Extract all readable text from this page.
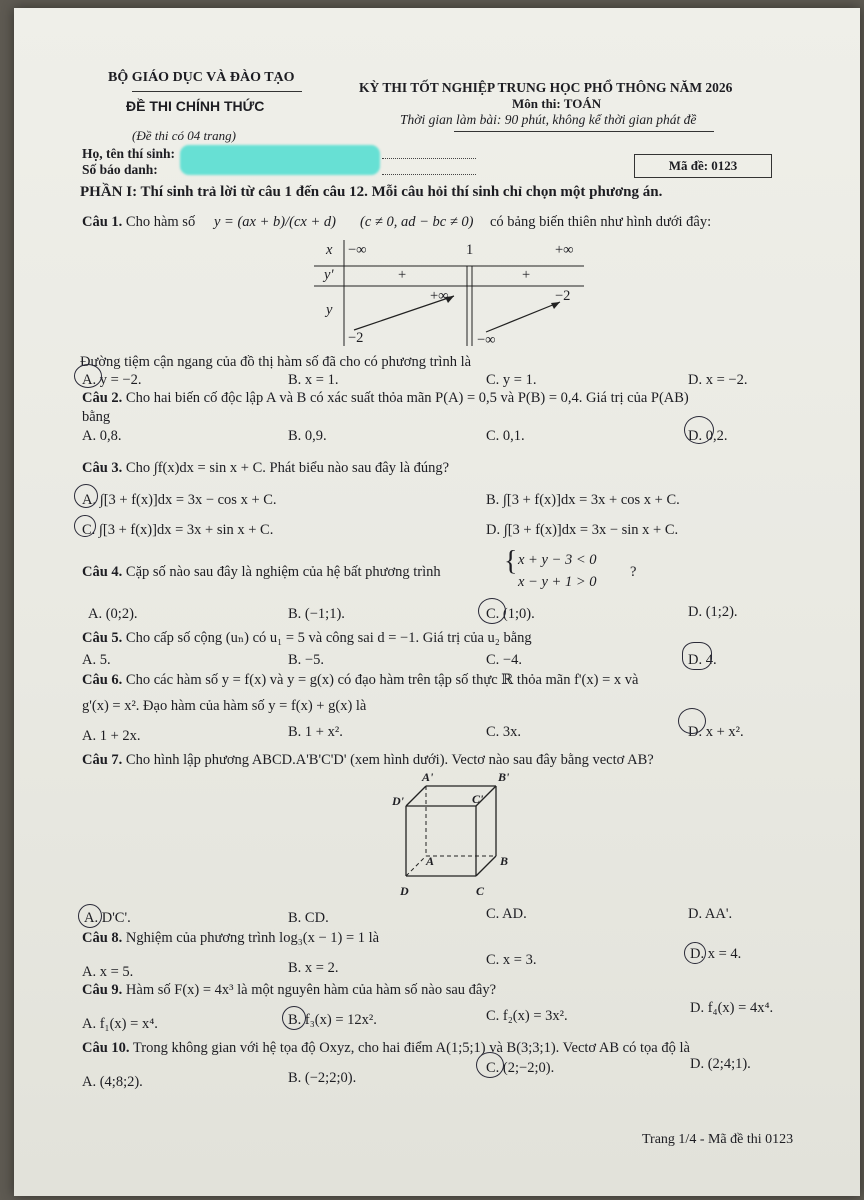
BỘ GIÁO DỤC VÀ ĐÀO TẠO
ĐỀ THI CHÍNH THỨC
(Đề thi có 04 trang)
KỲ THI TỐT NGHIỆP TRUNG HỌC PHỔ THÔNG NĂM 2026
Môn thi: TOÁN
Thời gian làm bài: 90 phút, không kể thời gian phát đề
Họ, tên thí sinh:
Số báo danh:	Mã đề: 0123
PHẦN I: Thí sinh trả lời từ câu 1 đến câu 12. Mỗi câu hỏi thí sinh chỉ chọn một phương án.
Câu 1. Cho hàm số y = (ax + b)/(cx + d) (c ≠ 0, ad − bc ≠ 0) có bảng biến thiên như hình dưới đây:
x −∞	1	+∞
y'	+	+
y
+∞	−2
−2	−∞
Đường tiệm cận ngang của đồ thị hàm số đã cho có phương trình là
A. y = −2.	B. x = 1.	C. y = 1.	D. x = −2.
Câu 2. Cho hai biến cố độc lập A và B có xác suất thỏa mãn P(A) = 0,5 và P(B) = 0,4. Giá trị của P(AB)
bằng
A. 0,8.	B. 0,9.	C. 0,1.	D. 0,2.
Câu 3. Cho ∫f(x)dx = sin x + C. Phát biểu nào sau đây là đúng?
A. ∫[3 + f(x)]dx = 3x − cos x + C.	B. ∫[3 + f(x)]dx = 3x + cos x + C.
C. ∫[3 + f(x)]dx = 3x + sin x + C.	D. ∫[3 + f(x)]dx = 3x − sin x + C.
Câu 4. Cặp số nào sau đây là nghiệm của hệ bất phương trình { x + y − 3 < 0
x − y + 1 > 0
?
A. (0;2).	B. (−1;1).	C. (1;0).	D. (1;2).
Câu 5. Cho cấp số cộng (uₙ) có u₁ = 5 và công sai d = −1. Giá trị của u₂ bằng
A. 5.	B. −5.	C. −4.	D. 4.
Câu 6. Cho các hàm số y = f(x) và y = g(x) có đạo hàm trên tập số thực ℝ thỏa mãn f'(x) = x và
g'(x) = x². Đạo hàm của hàm số y = f(x) + g(x) là
A. 1 + 2x.	B. 1 + x².	C. 3x.	D. x + x².
Câu 7. Cho hình lập phương ABCD.A'B'C'D' (xem hình dưới). Vectơ nào sau đây bằng vectơ AB?
A'	B'
C'
D'
A	B
C
D
A. D'C'.	B. CD.	C. AD.	D. AA'.
Câu 8. Nghiệm của phương trình log₃(x − 1) = 1 là
A. x = 5.	B. x = 2.	C. x = 3.	D. x = 4.
Câu 9. Hàm số F(x) = 4x³ là một nguyên hàm của hàm số nào sau đây?
A. f₁(x) = x⁴.	B. f₃(x) = 12x².	C. f₂(x) = 3x².	D. f₄(x) = 4x⁴.
Câu 10. Trong không gian với hệ tọa độ Oxyz, cho hai điểm A(1;5;1) và B(3;3;1). Vectơ AB có tọa độ là
A. (4;8;2).	B. (−2;2;0).
C. (2;−2;0).	D. (2;4;1).
Trang 1/4 - Mã đề thi 0123
